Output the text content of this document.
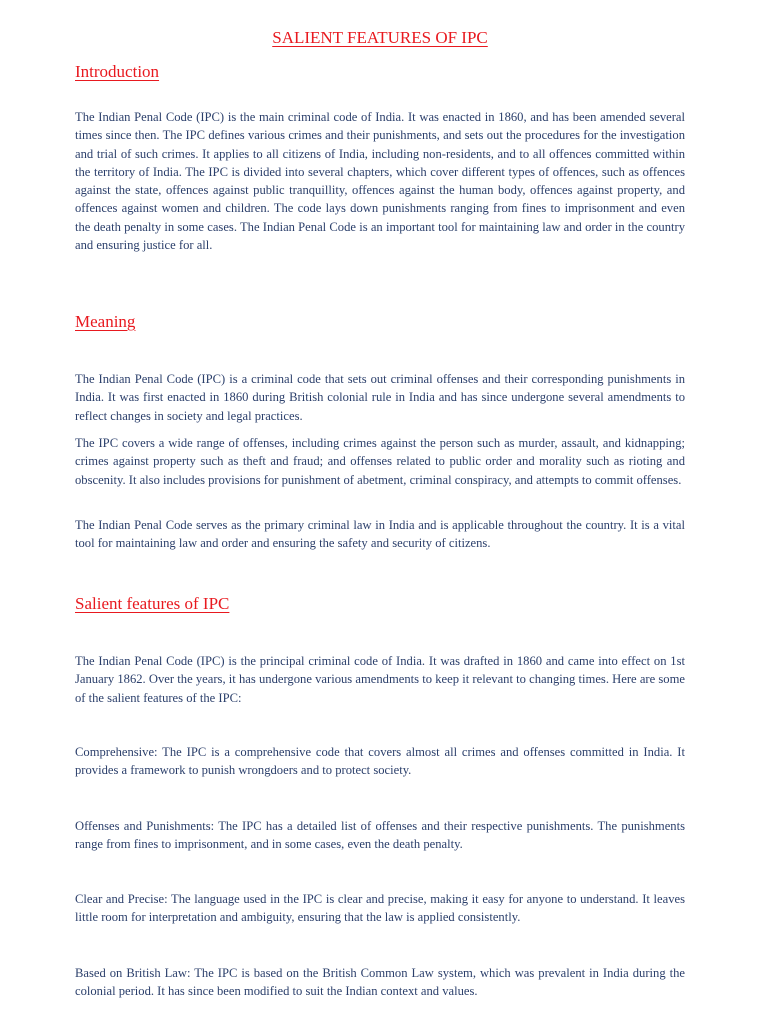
SALIENT FEATURES OF IPC
Introduction

The Indian Penal Code (IPC) is the main criminal code of India. It was enacted in 1860, and has been amended several times since then. The IPC defines various crimes and their punishments, and sets out the procedures for the investigation and trial of such crimes. It applies to all citizens of India, including non-residents, and to all offences committed within the territory of India. The IPC is divided into several chapters, which cover different types of offences, such as offences against the state, offences against public tranquillity, offences against the human body, offences against property, and offences against women and children. The code lays down punishments ranging from fines to imprisonment and even the death penalty in some cases. The Indian Penal Code is an important tool for maintaining law and order in the country and ensuring justice for all.

Meaning

The Indian Penal Code (IPC) is a criminal code that sets out criminal offenses and their corresponding punishments in India. It was first enacted in 1860 during British colonial rule in India and has since undergone several amendments to reflect changes in society and legal practices.

The IPC covers a wide range of offenses, including crimes against the person such as murder, assault, and kidnapping; crimes against property such as theft and fraud; and offenses related to public order and morality such as rioting and obscenity. It also includes provisions for punishment of abetment, criminal conspiracy, and attempts to commit offenses.

The Indian Penal Code serves as the primary criminal law in India and is applicable throughout the country. It is a vital tool for maintaining law and order and ensuring the safety and security of citizens.

Salient features of IPC

The Indian Penal Code (IPC) is the principal criminal code of India. It was drafted in 1860 and came into effect on 1st January 1862. Over the years, it has undergone various amendments to keep it relevant to changing times. Here are some of the salient features of the IPC:

Comprehensive: The IPC is a comprehensive code that covers almost all crimes and offenses committed in India. It provides a framework to punish wrongdoers and to protect society.

Offenses and Punishments: The IPC has a detailed list of offenses and their respective punishments. The punishments range from fines to imprisonment, and in some cases, even the death penalty.

Clear and Precise: The language used in the IPC is clear and precise, making it easy for anyone to understand. It leaves little room for interpretation and ambiguity, ensuring that the law is applied consistently.

Based on British Law: The IPC is based on the British Common Law system, which was prevalent in India during the colonial period. It has since been modified to suit the Indian context and values.
